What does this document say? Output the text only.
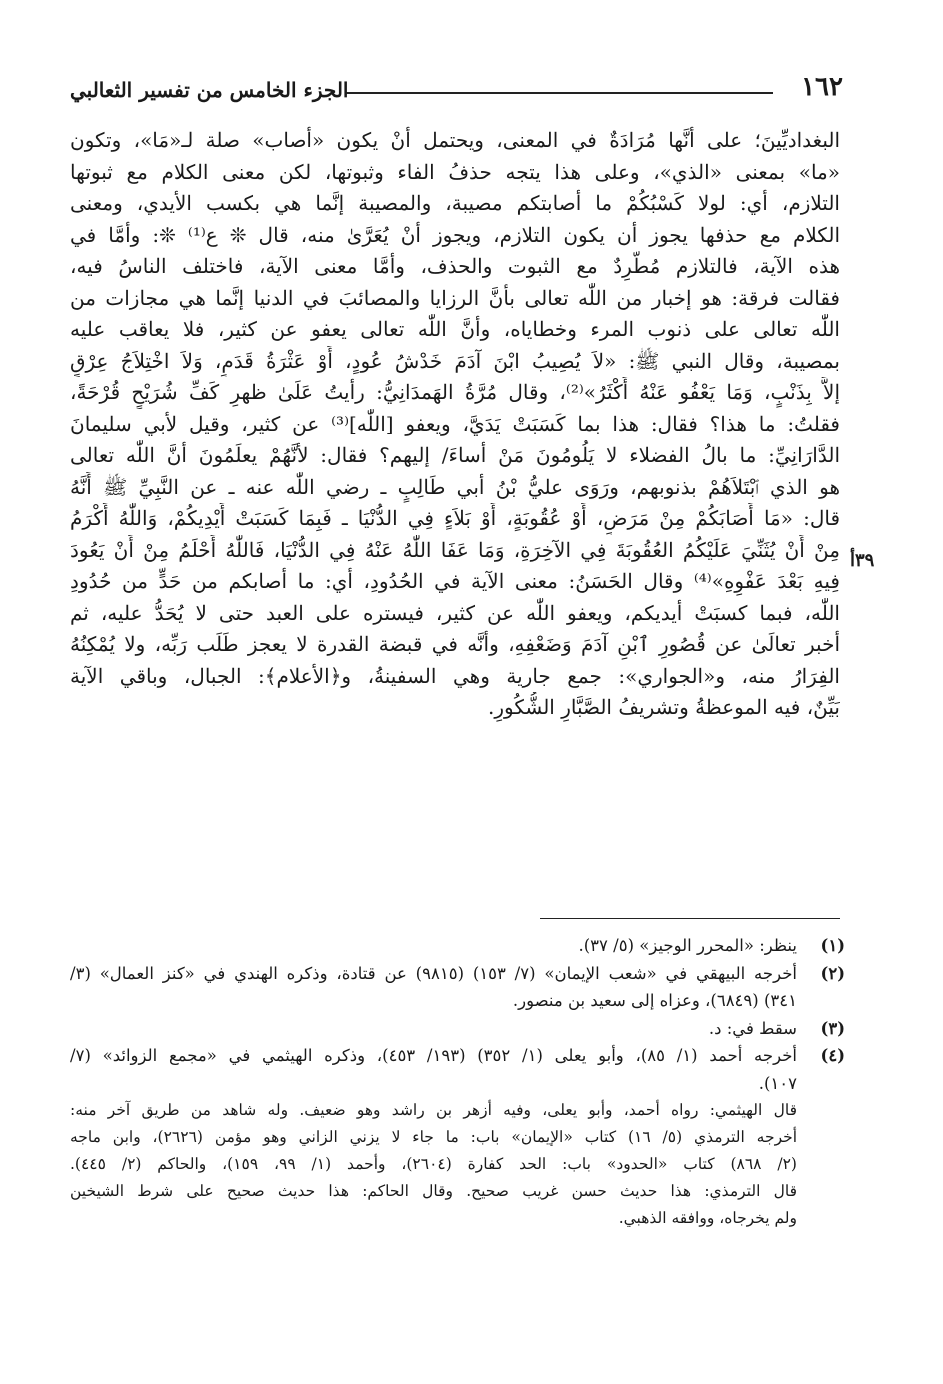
١٦٢
الجزء الخامس من تفسير الثعالبي
البغداديِّينَ؛ على أنَّها مُرَادَةٌ في المعنى، ويحتمل أنْ يكون «أصاب» صلة لـ«مَا»، وتكون
«ما» بمعنى «الذي»، وعلى هذا يتجه حذفُ الفاء وثبوتها، لكن معنى الكلام مع ثبوتها
التلازم، أي: لولا كَسْبُكُمْ ما أصابتكم مصيبة، والمصيبة إنَّما هي بكسب الأيدي، ومعنى
الكلام مع حذفها يجوز أن يكون التلازم، ويجوز أنْ يُعَرَّىٰ منه، قال ❊ ع⁽¹⁾ ❊: وأمَّا في
هذه الآية، فالتلازم مُطَّرِدٌ مع الثبوت والحذف، وأمَّا معنى الآية، فاختلف الناسُ فيه،
فقالت فرقة: هو إخبار من اللّٰه تعالى بأنَّ الرزايا والمصائبَ في الدنيا إنَّما هي مجازات من
اللّٰه تعالى على ذنوب المرء وخطاياه، وأنَّ اللّٰه تعالى يعفو عن كثير، فلا يعاقب عليه
بمصيبة، وقال النبي ﷺ: «لاَ يُصِيبُ ابْنَ آدَمَ خَدْشُ عُودٍ، أَوْ عَثْرَةُ قَدَمٍ، وَلاَ اخْتِلاَجُ عِرْقٍ
إلاَّ بِذَنْبٍ، وَمَا يَعْفُو عَنْهُ أَكْثَرُ»⁽²⁾، وقال مُرَّةُ الهَمدَانِيُّ: رأيتُ عَلَىٰ ظهرِ كَفِّ شُرَيْحٍ قُرْحَةً،
فقلتُ: ما هذا؟ فقال: هذا بما كَسَبَتْ يَدَيَّ، ويعفو [اللّٰه]⁽³⁾ عن كثير، وقيل لأبي سليمانَ
الدَّارَانِيِّ: ما بالُ الفضلاء لا يَلُومُونَ مَنْ أساءَ/ إليهم؟ فقال: لأنَّهُمْ يعلَمُونَ أنَّ اللّٰه تعالى
هو الذي ٱبْتَلاَهُمْ بذنوبهم، ورَوَى عليُّ بْنُ أبي طَالِبٍ ـ رضي اللّٰه عنه ـ عن النَّبِيِّ ﷺ أَنَّهُ
قال: «مَا أَصَابَكُمْ مِنْ مَرَضٍ، أَوْ عُقُوبَةٍ، أَوْ بَلاَءٍ فِي الدُّنْيَا ـ فَبِمَا كَسَبَتْ أَيْدِيكُمْ، وَاللّٰهُ أَكْرَمُ
مِنْ أَنْ يُثَنِّيَ عَلَيْكُمُ العُقُوبَةَ فِي الآخِرَةِ، وَمَا عَفَا اللّٰهُ عَنْهُ فِي الدُّنْيَا، فَاللّٰهُ أَحْلَمُ مِنْ أَنْ يَعُودَ
فِيهِ بَعْدَ عَفْوِهِ»⁽⁴⁾ وقال الحَسَنُ: معنى الآية في الحُدُودِ، أي: ما أصابكم من حَدٍّ من حُدُودِ
اللّٰه، فبما كسبَتْ أيديكم، ويعفو اللّٰه عن كثير، فيستره على العبد حتى لا يُحَدُّ عليه، ثم
أخبر تعالَىٰ عن قُصُورِ ٱبْنِ آدَمَ وَضَعْفِهِ، وأنَّه في قبضة القدرة لا يعجز طَلَب رَبِّه، ولا يُمْكِنُهُ
الفِرَارُ منه، و«الجواري»: جمع جارية وهي السفينةُ، و﴿الأعلام﴾: الجبال، وباقي الآية
بَيِّنٌ، فيه الموعظةُ وتشريفُ الصَّبَّارِ الشُّكُورِ.
٣٩أ
(١)
ينظر: «المحرر الوجيز» (٥/ ٣٧).
(٢)
أخرجه البيهقي في «شعب الإيمان» (٧/ ١٥٣) (٩٨١٥) عن قتادة، وذكره الهندي في «كنز العمال» (٣/
٣٤١) (٦٨٤٩)، وعزاه إلى سعيد بن منصور.
(٣)
سقط في: د.
(٤)
أخرجه أحمد (١/ ٨٥)، وأبو يعلى (١/ ٣٥٢) (١٩٣/ ٤٥٣)، وذكره الهيثمي في «مجمع الزوائد» (٧/
١٠٧).
قال الهيثمي: رواه أحمد، وأبو يعلى، وفيه أزهر بن راشد وهو ضعيف. وله شاهد من طريق آخر منه:
أخرجه الترمذي (٥/ ١٦) كتاب «الإيمان» باب: ما جاء لا يزني الزاني وهو مؤمن (٢٦٢٦)، وابن ماجه
(٢/ ٨٦٨) كتاب «الحدود» باب: الحد كفارة (٢٦٠٤)، وأحمد (١/ ٩٩، ١٥٩)، والحاكم (٢/ ٤٤٥).
قال الترمذي: هذا حديث حسن غريب صحيح. وقال الحاكم: هذا حديث صحيح على شرط الشيخين
ولم يخرجاه، ووافقه الذهبي.
